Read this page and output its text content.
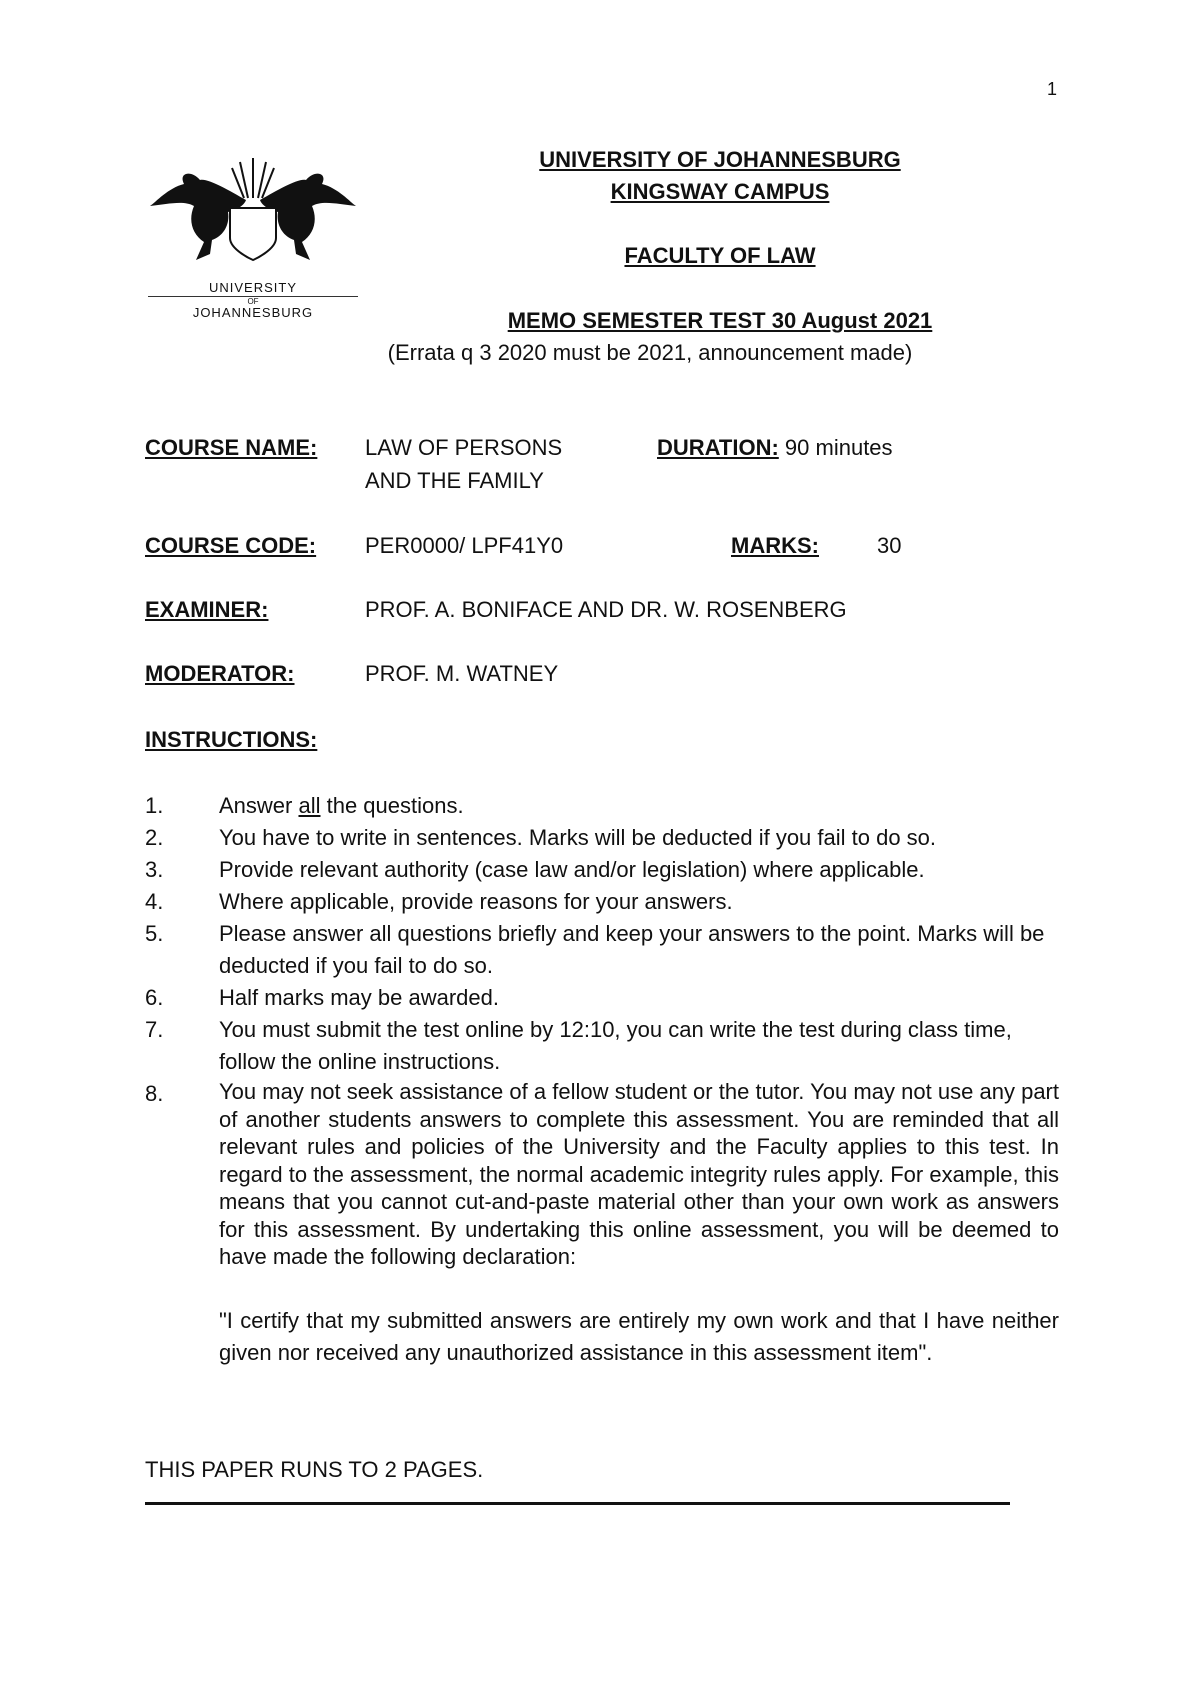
1
UNIVERSITY
OF
JOHANNESBURG
UNIVERSITY OF JOHANNESBURG
KINGSWAY CAMPUS
FACULTY OF LAW
MEMO SEMESTER TEST 30 August 2021
(Errata q 3 2020 must be 2021, announcement made)
COURSE NAME: LAW OF PERSONS
AND THE FAMILY
DURATION: 90 minutes
COURSE CODE: PER0000/ LPF41Y0	MARKS:	30
EXAMINER:	PROF. A. BONIFACE AND DR. W. ROSENBERG
MODERATOR:	PROF. M. WATNEY
INSTRUCTIONS:
1.	Answer all the questions.
2.	You have to write in sentences. Marks will be deducted if you fail to do so.
3.	Provide relevant authority (case law and/or legislation) where applicable.
4.	Where applicable, provide reasons for your answers.
5.	Please answer all questions briefly and keep your answers to the point. Marks will be deducted if you fail to do so.
6.	Half marks may be awarded.
7.	You must submit the test online by 12:10, you can write the test during class time, follow the online instructions.
8.	You may not seek assistance of a fellow student or the tutor. You may not use any part of another students answers to complete this assessment. You are reminded that all relevant rules and policies of the University and the Faculty applies to this test. In regard to the assessment, the normal academic integrity rules apply. For example, this means that you cannot cut-and-paste material other than your own work as answers for this assessment. By undertaking this online assessment, you will be deemed to have made the following declaration:
"I certify that my submitted answers are entirely my own work and that I have neither given nor received any unauthorized assistance in this assessment item".
THIS PAPER RUNS TO 2 PAGES.
